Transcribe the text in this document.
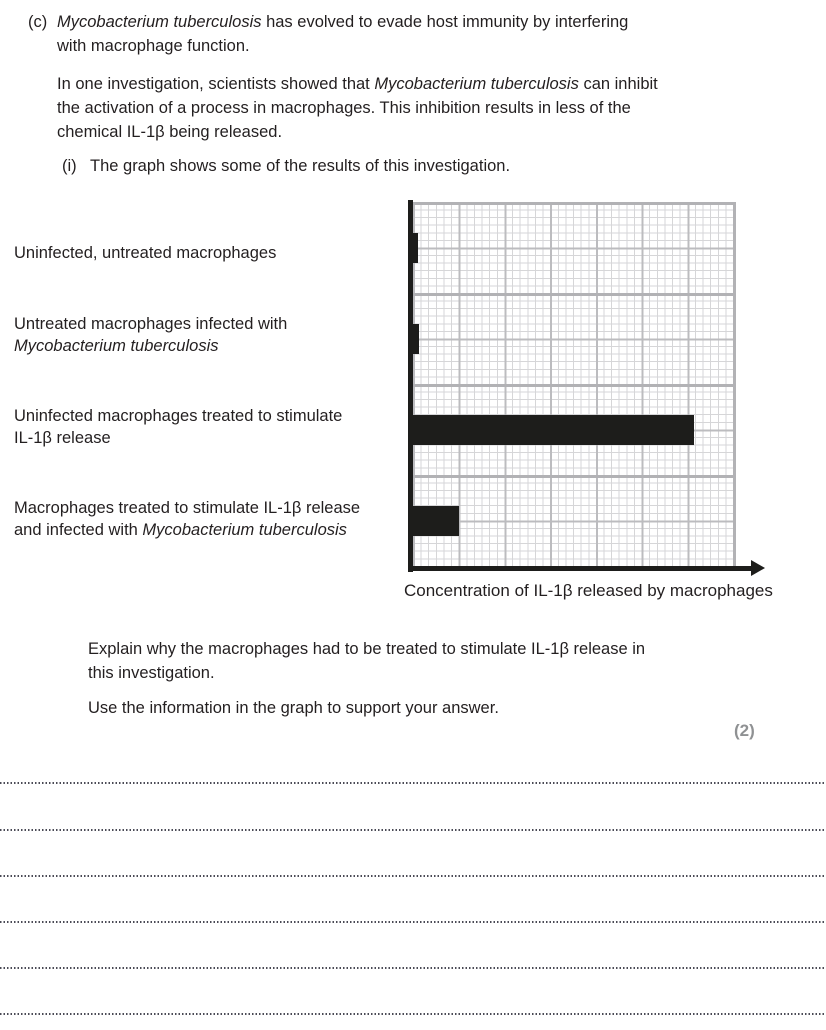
(c) Mycobacterium tuberculosis has evolved to evade host immunity by interfering
with macrophage function.
In one investigation, scientists showed that Mycobacterium tuberculosis can inhibit
the activation of a process in macrophages. This inhibition results in less of the
chemical IL-1β being released.
(i) The graph shows some of the results of this investigation.
Uninfected, untreated macrophages
Untreated macrophages infected with
Mycobacterium tuberculosis
Uninfected macrophages treated to stimulate
IL-1β release
Macrophages treated to stimulate IL-1β release
and infected with Mycobacterium tuberculosis
Concentration of IL-1β released by macrophages
Explain why the macrophages had to be treated to stimulate IL-1β release in
this investigation.
Use the information in the graph to support your answer.
(2)
